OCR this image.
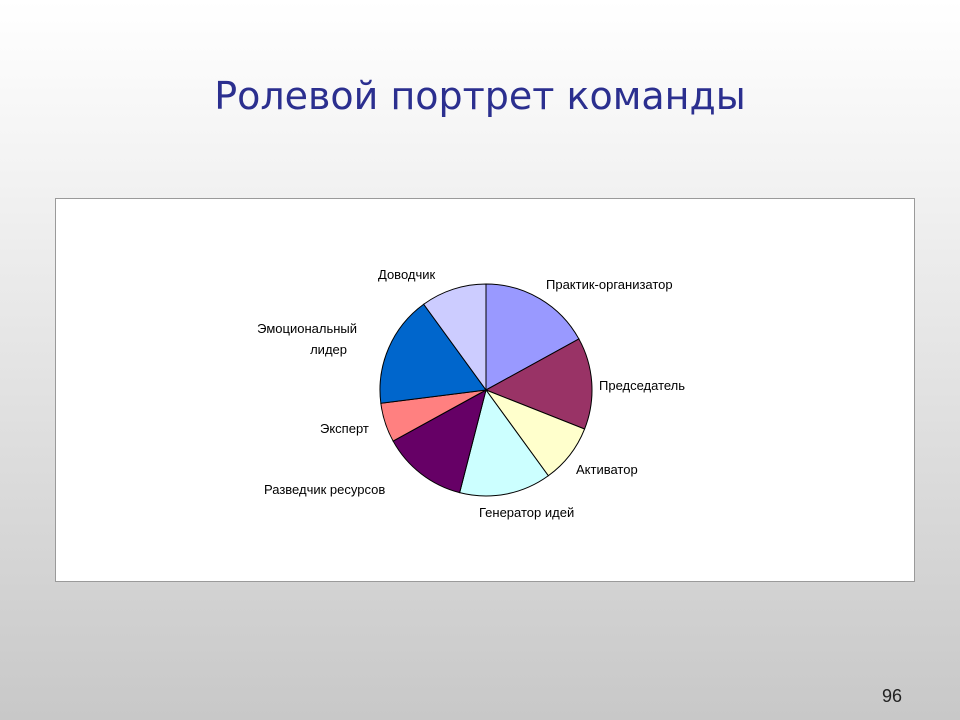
Ролевой портрет команды
Практик-организатор
Председатель
Активатор
Генератор идей
Разведчик ресурсов
Эксперт
Эмоциональный лидер
Доводчик
96
